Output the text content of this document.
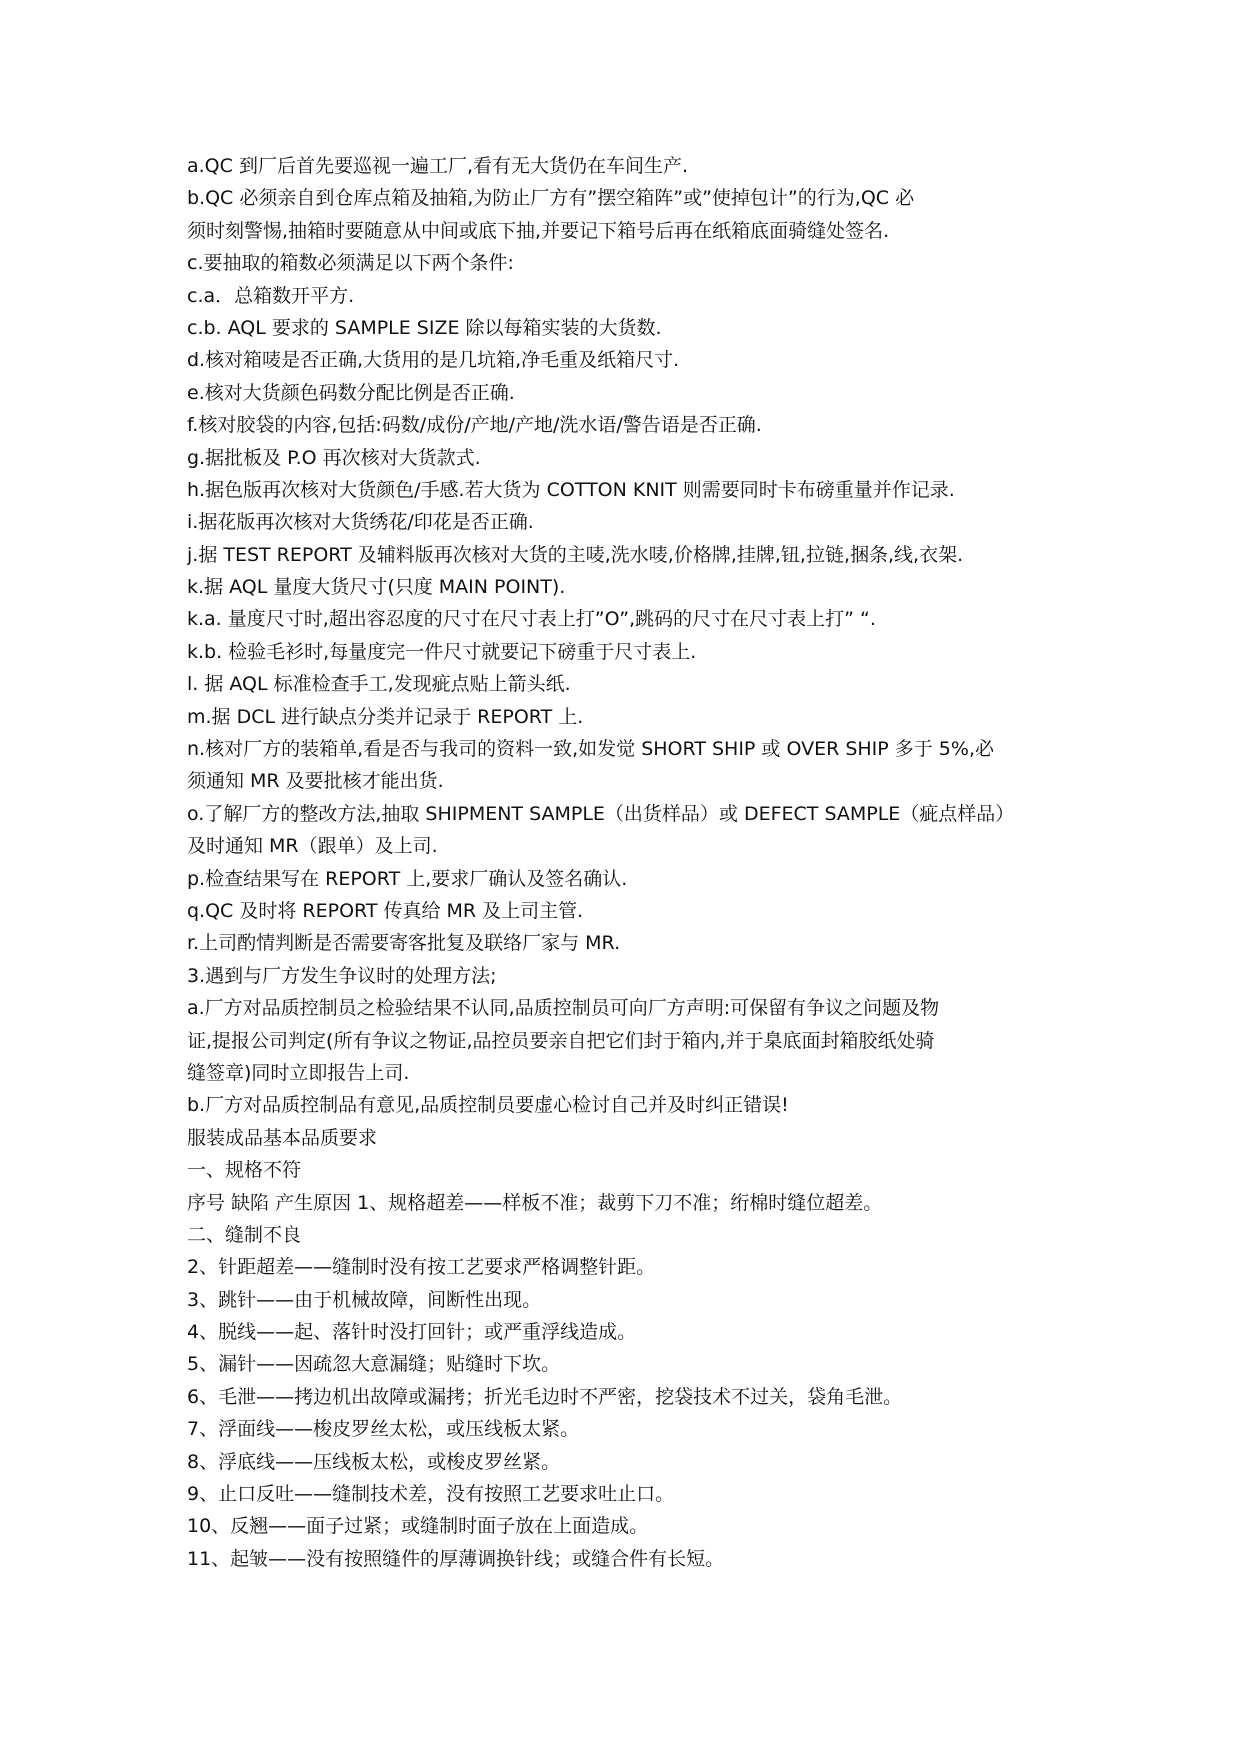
a.QC 到厂后首先要巡视一遍工厂,看有无大货仍在车间生产.
b.QC 必须亲自到仓库点箱及抽箱,为防止厂方有”摆空箱阵”或”使掉包计”的行为,QC 必
须时刻警惕,抽箱时要随意从中间或底下抽,并要记下箱号后再在纸箱底面骑缝处签名.
c.要抽取的箱数必须满足以下两个条件:
c.a．总箱数开平方.
c.b. AQL 要求的 SAMPLE SIZE 除以每箱实装的大货数.
d.核对箱唛是否正确,大货用的是几坑箱,净毛重及纸箱尺寸.
e.核对大货颜色码数分配比例是否正确.
f.核对胶袋的内容,包括:码数/成份/产地/产地/洗水语/警告语是否正确.
g.据批板及 P.O 再次核对大货款式.
h.据色版再次核对大货颜色/手感.若大货为 COTTON KNIT 则需要同时卡布磅重量并作记录.
i.据花版再次核对大货绣花/印花是否正确.
j.据 TEST REPORT 及辅料版再次核对大货的主唛,洗水唛,价格牌,挂牌,钮,拉链,捆条,线,衣架.
k.据 AQL 量度大货尺寸(只度 MAIN POINT).
k.a. 量度尺寸时,超出容忍度的尺寸在尺寸表上打”O”,跳码的尺寸在尺寸表上打” “.
k.b. 检验毛衫时,每量度完一件尺寸就要记下磅重于尺寸表上.
l. 据 AQL 标准检查手工,发现疵点贴上箭头纸.
m.据 DCL 进行缺点分类并记录于 REPORT 上.
n.核对厂方的装箱单,看是否与我司的资料一致,如发觉 SHORT SHIP 或 OVER SHIP 多于 5%,必
须通知 MR 及要批核才能出货.
o.了解厂方的整改方法,抽取 SHIPMENT SAMPLE（出货样品）或 DEFECT SAMPLE（疵点样品）
及时通知 MR（跟单）及上司.
p.检查结果写在 REPORT 上,要求厂确认及签名确认.
q.QC 及时将 REPORT 传真给 MR 及上司主管.
r.上司酌情判断是否需要寄客批复及联络厂家与 MR.
3.遇到与厂方发生争议时的处理方法;
a.厂方对品质控制员之检验结果不认同,品质控制员可向厂方声明:可保留有争议之问题及物
证,提报公司判定(所有争议之物证,品控员要亲自把它们封于箱内,并于臬底面封箱胶纸处骑
缝签章)同时立即报告上司.
b.厂方对品质控制品有意见,品质控制员要虚心检讨自己并及时纠正错误!
服装成品基本品质要求
一、规格不符
序号 缺陷 产生原因 1、规格超差——样板不准；裁剪下刀不准；绗棉时缝位超差。
二、缝制不良
2、针距超差——缝制时没有按工艺要求严格调整针距。
3、跳针——由于机械故障，间断性出现。
4、脱线——起、落针时没打回针；或严重浮线造成。
5、漏针——因疏忽大意漏缝；贴缝时下坎。
6、毛泄——拷边机出故障或漏拷；折光毛边时不严密，挖袋技术不过关，袋角毛泄。
7、浮面线——梭皮罗丝太松，或压线板太紧。
8、浮底线——压线板太松，或梭皮罗丝紧。
9、止口反吐——缝制技术差，没有按照工艺要求吐止口。
10、反翘——面子过紧；或缝制时面子放在上面造成。
11、起皱——没有按照缝件的厚薄调换针线；或缝合件有长短。
